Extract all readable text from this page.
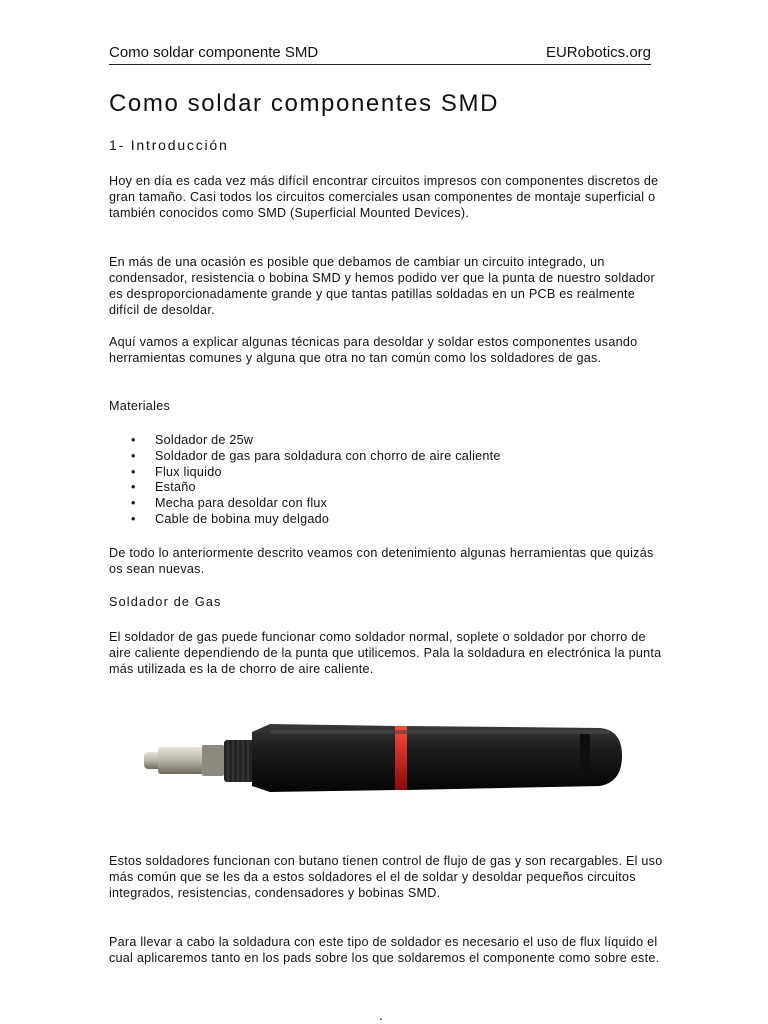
Como soldar componente SMD	EURobotics.org
Como soldar componentes SMD
1- Introducción

Hoy en día es cada vez más difícil encontrar circuitos impresos con componentes discretos de gran tamaño. Casi todos los circuitos comerciales usan componentes de montaje superficial o también conocidos como SMD (Superficial Mounted Devices).

En más de una ocasión es posible que debamos de cambiar un circuito integrado, un condensador, resistencia o bobina SMD y hemos podido ver que la punta de nuestro soldador es desproporcionadamente grande y que tantas patillas soldadas en un PCB es realmente difícil de desoldar.

Aquí vamos a explicar algunas técnicas para desoldar y soldar estos componentes usando herramientas comunes y alguna que otra no tan común como los soldadores de gas.

Materiales

• Soldador de 25w
• Soldador de gas para soldadura con chorro de aire caliente
• Flux liquido
• Estaño
• Mecha para desoldar con flux
• Cable de bobina muy delgado

De todo lo anteriormente descrito veamos con detenimiento algunas herramientas que quizás os sean nuevas.

Soldador de Gas

El soldador de gas puede funcionar como soldador normal, soplete o soldador por chorro de aire caliente dependiendo de la punta que utilicemos. Pala la soldadura en electrónica la punta más utilizada es la de chorro de aire caliente.

Estos soldadores funcionan con butano tienen control de flujo de gas y son recargables. El uso más común que se les da a estos soldadores el el de soldar y desoldar pequeños circuitos integrados, resistencias, condensadores y bobinas SMD.

Para llevar a cabo la soldadura con este tipo de soldador es necesario el uso de flux líquido el cual aplicaremos tanto en los pads sobre los que soldaremos el componente como sobre este.
